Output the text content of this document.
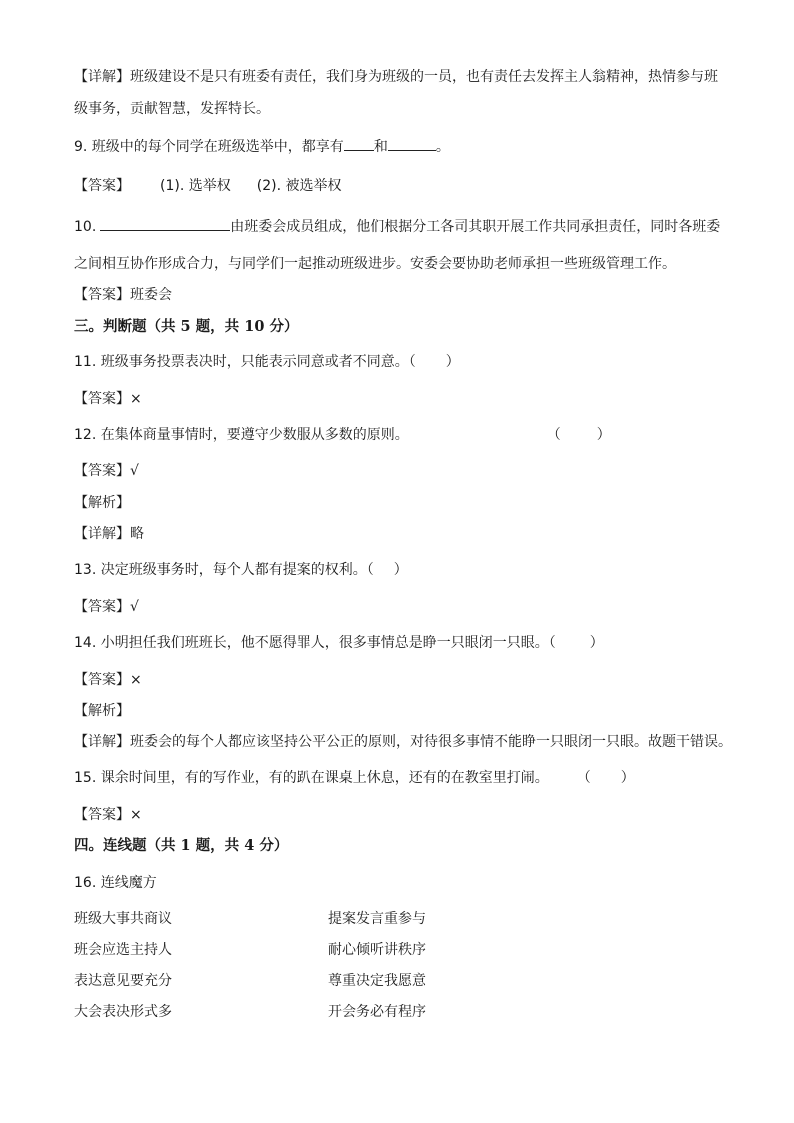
【详解】班级建设不是只有班委有责任，我们身为班级的一员，也有责任去发挥主人翁精神，热情参与班
级事务，贡献智慧，发挥特长。
9. 班级中的每个同学在班级选举中，都享有 和	。
【答案】 (1). 选举权 (2). 被选举权
10.	由班委会成员组成，他们根据分工各司其职开展工作共同承担责任，同时各班委
之间相互协作形成合力，与同学们一起推动班级进步。安委会要协助老师承担一些班级管理工作。
【答案】班委会
三。判断题（共 5 题，共 10 分）
11. 班级事务投票表决时，只能表示同意或者不同意。（ ）
【答案】×
12. 在集体商量事情时，要遵守少数服从多数的原则。	（	）
【答案】√
【解析】
【详解】略
13. 决定班级事务时，每个人都有提案的权利。（ ）
【答案】√
14. 小明担任我们班班长，他不愿得罪人，很多事情总是睁一只眼闭一只眼。（ ）
【答案】×
【解析】
【详解】班委会的每个人都应该坚持公平公正的原则，对待很多事情不能睁一只眼闭一只眼。故题干错误。
15. 课余时间里，有的写作业，有的趴在课桌上休息，还有的在教室里打闹。 （ ）
【答案】×
四。连线题（共 1 题，共 4 分）
16. 连线魔方
班级大事共商议	提案发言重参与
班会应选主持人	耐心倾听讲秩序
表达意见要充分	尊重决定我愿意
大会表决形式多	开会务必有程序
